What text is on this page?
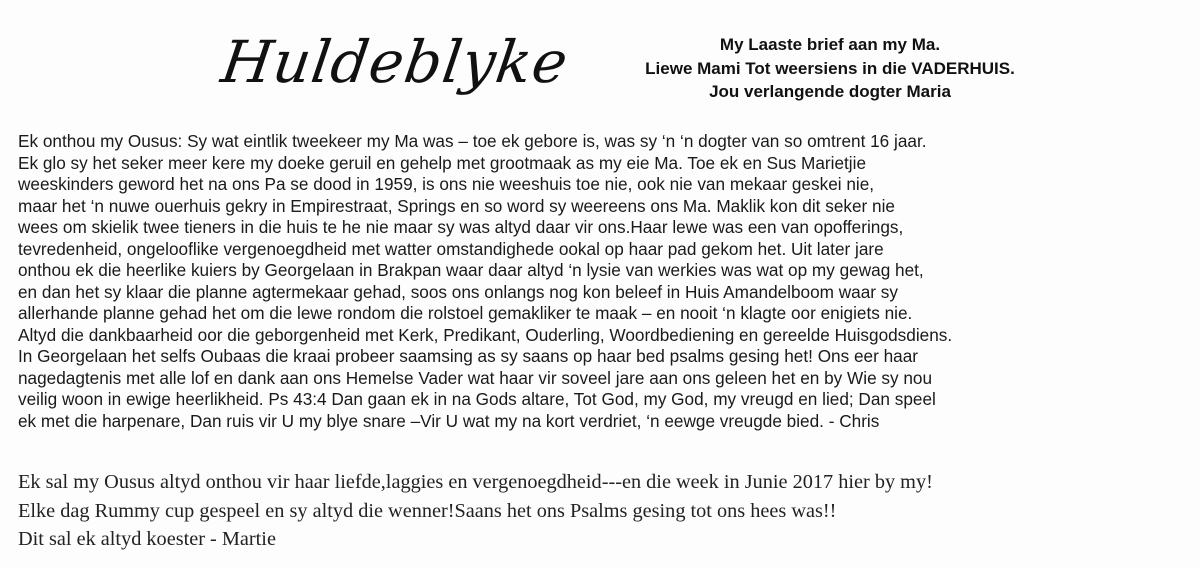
Huldeblyke	My Laaste brief aan my Ma.
Liewe Mami Tot weersiens in die VADERHUIS.
Jou verlangende dogter Maria
Ek onthou my Ousus: Sy wat eintlik tweekeer my Ma was – toe ek gebore is, was sy ‘n ‘n dogter van so omtrent 16 jaar.
Ek glo sy het seker meer kere my doeke geruil en gehelp met grootmaak as my eie Ma. Toe ek en Sus Marietjie
weeskinders geword het na ons Pa se dood in 1959, is ons nie weeshuis toe nie, ook nie van mekaar geskei nie,
maar het ‘n nuwe ouerhuis gekry in Empirestraat, Springs en so word sy weereens ons Ma. Maklik kon dit seker nie
wees om skielik twee tieners in die huis te he nie maar sy was altyd daar vir ons.Haar lewe was een van opofferings,
tevredenheid, ongelooflike vergenoegdheid met watter omstandighede ookal op haar pad gekom het. Uit later jare
onthou ek die heerlike kuiers by Georgelaan in Brakpan waar daar altyd ‘n lysie van werkies was wat op my gewag het,
en dan het sy klaar die planne agtermekaar gehad, soos ons onlangs nog kon beleef in Huis Amandelboom waar sy
allerhande planne gehad het om die lewe rondom die rolstoel gemakliker te maak – en nooit ‘n klagte oor enigiets nie.
Altyd die dankbaarheid oor die geborgenheid met Kerk, Predikant, Ouderling, Woordbediening en gereelde Huisgodsdiens.
In Georgelaan het selfs Oubaas die kraai probeer saamsing as sy saans op haar bed psalms gesing het! Ons eer haar
nagedagtenis met alle lof en dank aan ons Hemelse Vader wat haar vir soveel jare aan ons geleen het en by Wie sy nou
veilig woon in ewige heerlikheid. Ps 43:4 Dan gaan ek in na Gods altare, Tot God, my God, my vreugd en lied; Dan speel
ek met die harpenare, Dan ruis vir U my blye snare –Vir U wat my na kort verdriet, ‘n eewge vreugde bied. - Chris
Ek sal my Ousus altyd onthou vir haar liefde,laggies en vergenoegdheid---en die week in Junie 2017 hier by my!
Elke dag Rummy cup gespeel en sy altyd die wenner!Saans het ons Psalms gesing tot ons hees was!!
Dit sal ek altyd koester - Martie
